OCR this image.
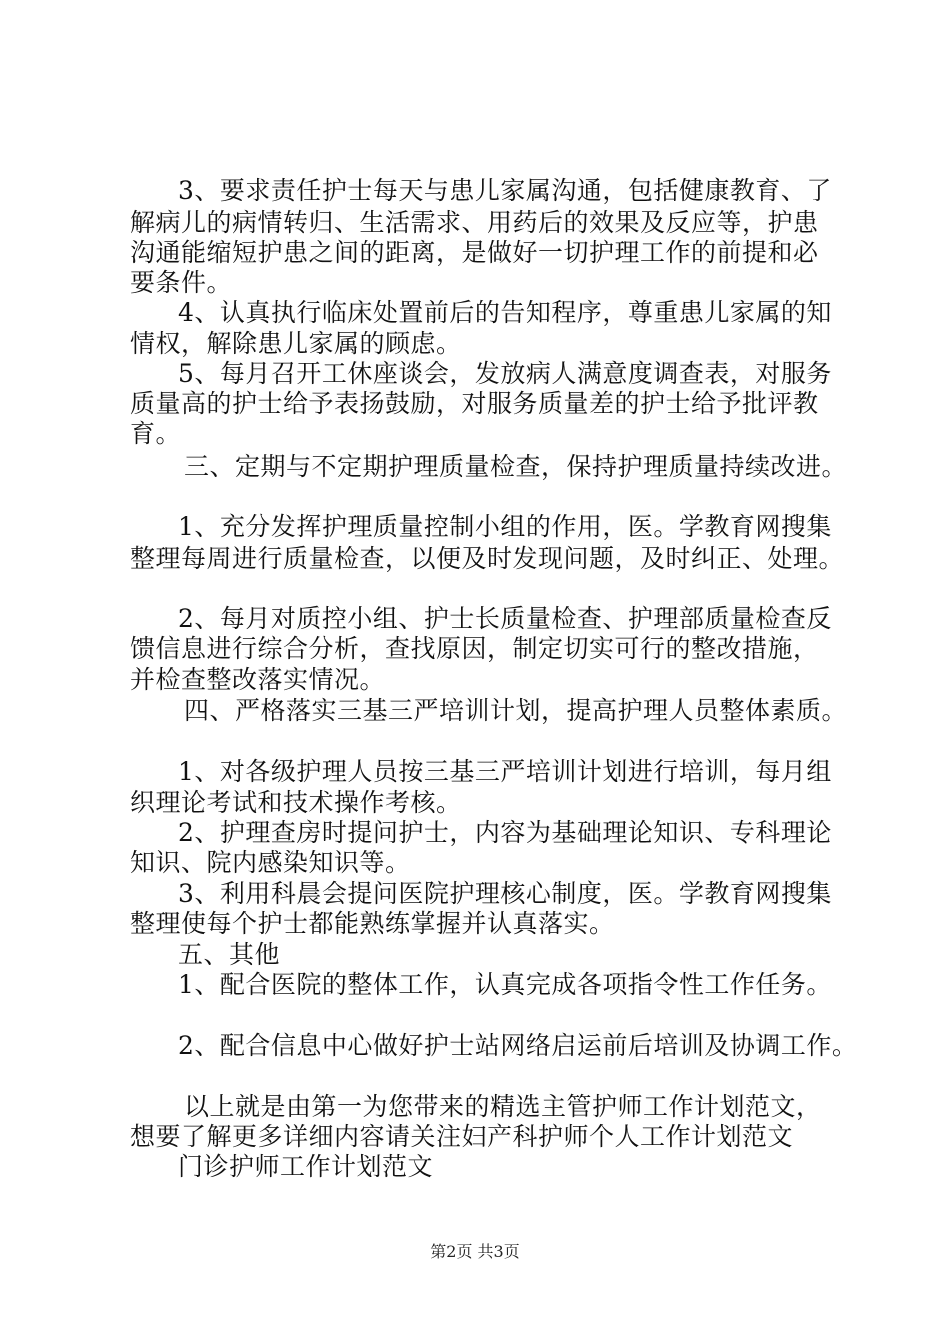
3、要求责任护士每天与患儿家属沟通，包括健康教育、了
解病儿的病情转归、生活需求、用药后的效果及反应等，护患
沟通能缩短护患之间的距离，是做好一切护理工作的前提和必
要条件。
4、认真执行临床处置前后的告知程序，尊重患儿家属的知
情权，解除患儿家属的顾虑。
5、每月召开工休座谈会，发放病人满意度调查表，对服务
质量高的护士给予表扬鼓励，对服务质量差的护士给予批评教
育。
三、定期与不定期护理质量检查，保持护理质量持续改进。
1、充分发挥护理质量控制小组的作用，医。学教育网搜集
整理每周进行质量检查，以便及时发现问题，及时纠正、处理。
2、每月对质控小组、护士长质量检查、护理部质量检查反
馈信息进行综合分析，查找原因，制定切实可行的整改措施，
并检查整改落实情况。
四、严格落实三基三严培训计划，提高护理人员整体素质。
1、对各级护理人员按三基三严培训计划进行培训，每月组
织理论考试和技术操作考核。
2、护理查房时提问护士，内容为基础理论知识、专科理论
知识、院内感染知识等。
3、利用科晨会提问医院护理核心制度，医。学教育网搜集
整理使每个护士都能熟练掌握并认真落实。
五、其他
1、配合医院的整体工作，认真完成各项指令性工作任务。
2、配合信息中心做好护士站网络启运前后培训及协调工作。
以上就是由第一为您带来的精选主管护师工作计划范文，
想要了解更多详细内容请关注妇产科护师个人工作计划范文
门诊护师工作计划范文
第2页 共3页
